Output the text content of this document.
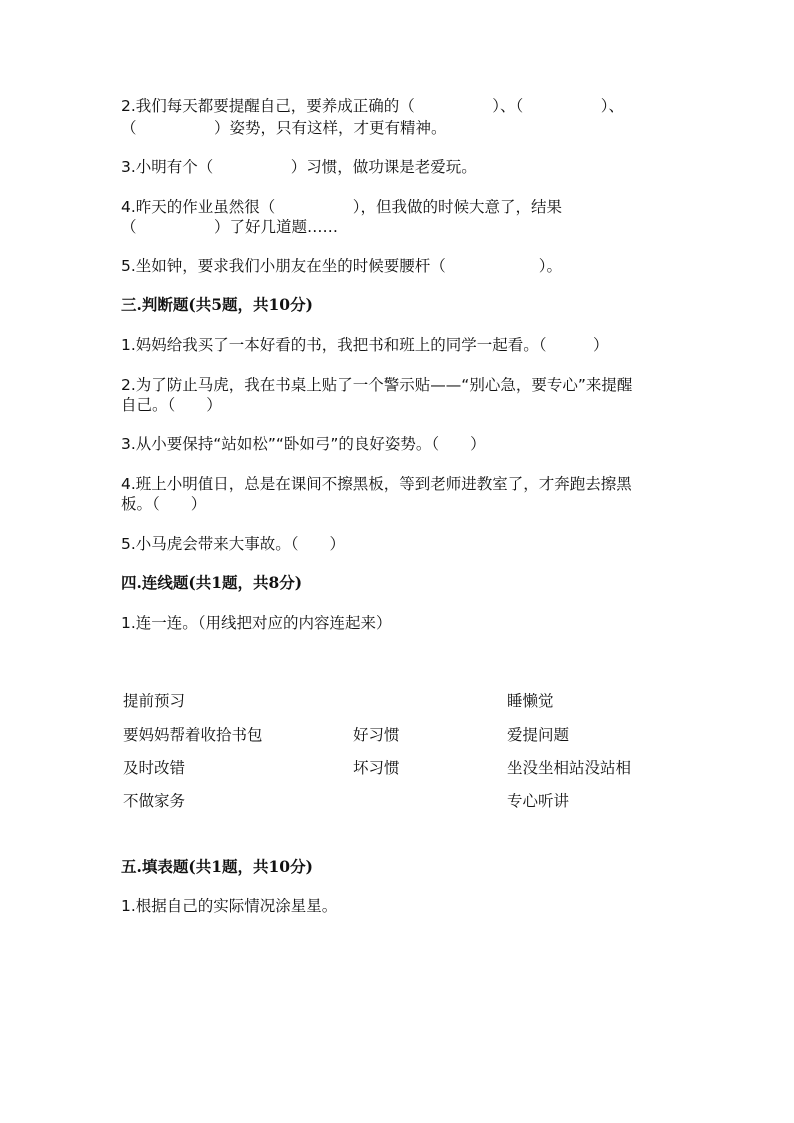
2.我们每天都要提醒自己，要养成正确的（　　　　　）、（　　　　　）、
（　　　　　）姿势，只有这样，才更有精神。
3.小明有个（　　　　　）习惯，做功课是老爱玩。
4.昨天的作业虽然很（　　　　　），但我做的时候大意了，结果
（　　　　　）了好几道题……
5.坐如钟，要求我们小朋友在坐的时候要腰杆（　　　　　　）。
三.判断题(共5题，共10分)
1.妈妈给我买了一本好看的书，我把书和班上的同学一起看。（　　　）
2.为了防止马虎，我在书桌上贴了一个警示贴——“别心急，要专心”来提醒
自己。（　　）
3.从小要保持“站如松”“卧如弓”的良好姿势。（　　）
4.班上小明值日，总是在课间不擦黑板，等到老师进教室了，才奔跑去擦黑
板。（　　）
5.小马虎会带来大事故。（　　）
四.连线题(共1题，共8分)
1.连一连。（用线把对应的内容连起来）
提前预习
要妈妈帮着收拾书包
及时改错
不做家务
好习惯
坏习惯
睡懒觉
爱提问题
坐没坐相站没站相
专心听讲
五.填表题(共1题，共10分)
1.根据自己的实际情况涂星星。
